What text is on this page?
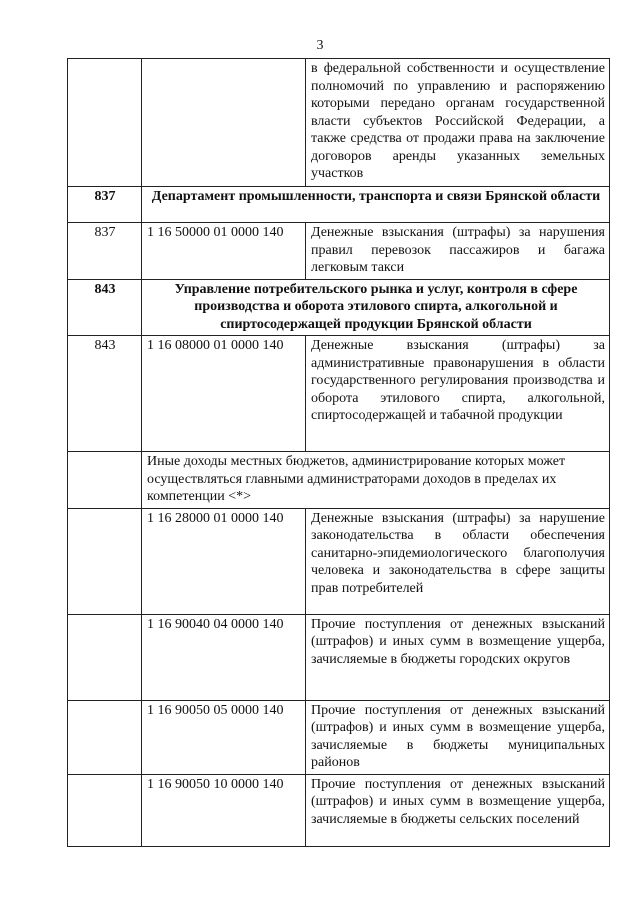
3
		в федеральной собственности и осуществление полномочий по управлению и распоряжению которыми передано органам государственной власти субъектов Российской Федерации, а также средства от продажи права на заключение договоров аренды указанных земельных участков
837	Департамент промышленности, транспорта и связи Брянской области	
837	1 16 50000 01 0000 140	Денежные взыскания (штрафы) за нарушения правил перевозок пассажиров и багажа легковым такси
843	Управление потребительского рынка и услуг, контроля в сфере производства и оборота этилового спирта, алкогольной и спиртосодержащей продукции Брянской области	
843	1 16 08000 01 0000 140	Денежные взыскания (штрафы) за административные правонарушения в области государственного регулирования производства и оборота этилового спирта, алкогольной, спиртосодержащей и табачной продукции
	Иные доходы местных бюджетов, администрирование которых может осуществляться главными администраторами доходов в пределах их компетенции <*>	
	1 16 28000 01 0000 140	Денежные взыскания (штрафы) за нарушение законодательства в области обеспечения санитарно-эпидемиологического благополучия человека и законодательства в сфере защиты прав потребителей
	1 16 90040 04 0000 140	Прочие поступления от денежных взысканий (штрафов) и иных сумм в возмещение ущерба, зачисляемые в бюджеты городских округов
	1 16 90050 05 0000 140	Прочие поступления от денежных взысканий (штрафов) и иных сумм в возмещение ущерба, зачисляемые в бюджеты муниципальных районов
	1 16 90050 10 0000 140	Прочие поступления от денежных взысканий (штрафов) и иных сумм в возмещение ущерба, зачисляемые в бюджеты сельских поселений
